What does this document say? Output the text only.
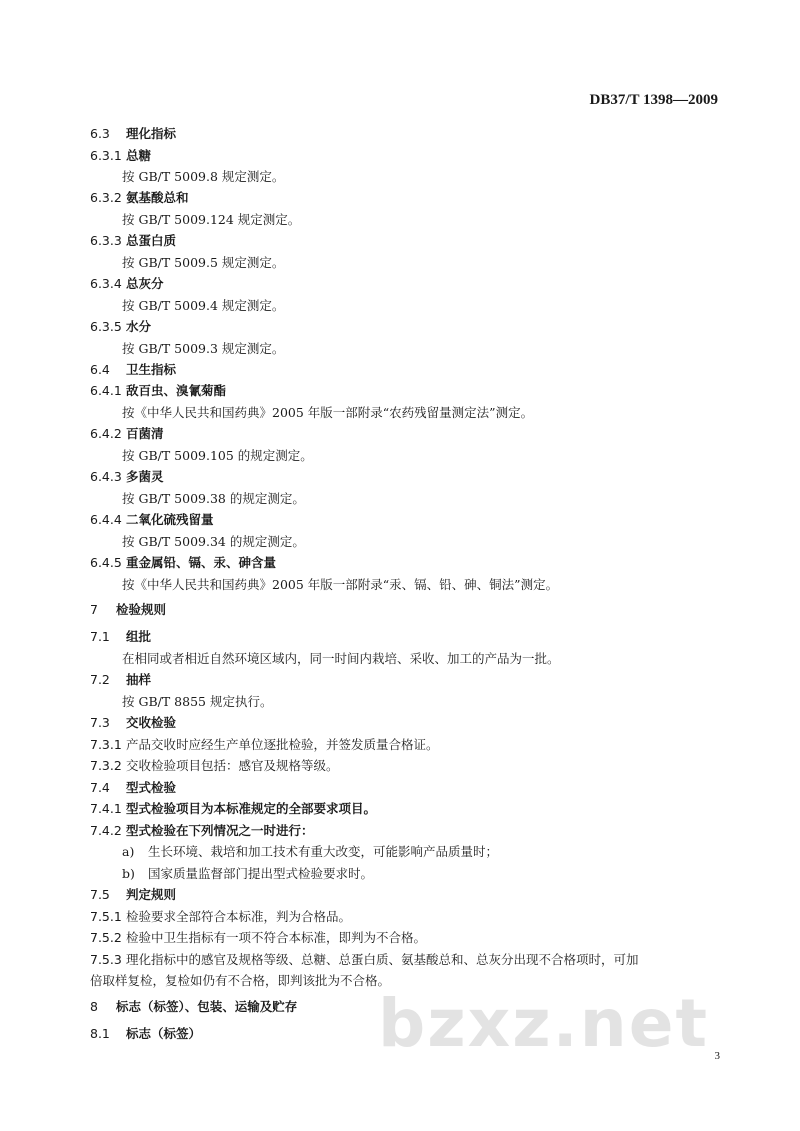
DB37/T 1398—2009
6.3 理化指标
6.3.1 总糖
按 GB/T 5009.8 规定测定。
6.3.2 氨基酸总和
按 GB/T 5009.124 规定测定。
6.3.3 总蛋白质
按 GB/T 5009.5 规定测定。
6.3.4 总灰分
按 GB/T 5009.4 规定测定。
6.3.5 水分
按 GB/T 5009.3 规定测定。
6.4 卫生指标
6.4.1 敌百虫、溴氰菊酯
按《中华人民共和国药典》2005 年版一部附录“农药残留量测定法”测定。
6.4.2 百菌清
按 GB/T 5009.105 的规定测定。
6.4.3 多菌灵
按 GB/T 5009.38 的规定测定。
6.4.4 二氧化硫残留量
按 GB/T 5009.34 的规定测定。
6.4.5 重金属铅、镉、汞、砷含量
按《中华人民共和国药典》2005 年版一部附录“汞、镉、铅、砷、铜法”测定。
7 检验规则
7.1 组批
在相同或者相近自然环境区域内，同一时间内栽培、采收、加工的产品为一批。
7.2 抽样
按 GB/T 8855 规定执行。
7.3 交收检验
7.3.1 产品交收时应经生产单位逐批检验，并签发质量合格证。
7.3.2 交收检验项目包括：感官及规格等级。
7.4 型式检验
7.4.1 型式检验项目为本标准规定的全部要求项目。
7.4.2 型式检验在下列情况之一时进行：
a) 生长环境、栽培和加工技术有重大改变，可能影响产品质量时；
b) 国家质量监督部门提出型式检验要求时。
7.5 判定规则
7.5.1 检验要求全部符合本标准，判为合格品。
7.5.2 检验中卫生指标有一项不符合本标准，即判为不合格。
7.5.3 理化指标中的感官及规格等级、总糖、总蛋白质、氨基酸总和、总灰分出现不合格项时，可加
倍取样复检，复检如仍有不合格，即判该批为不合格。
8 标志（标签）、包装、运输及贮存
8.1 标志（标签）	bzxz.net 3
